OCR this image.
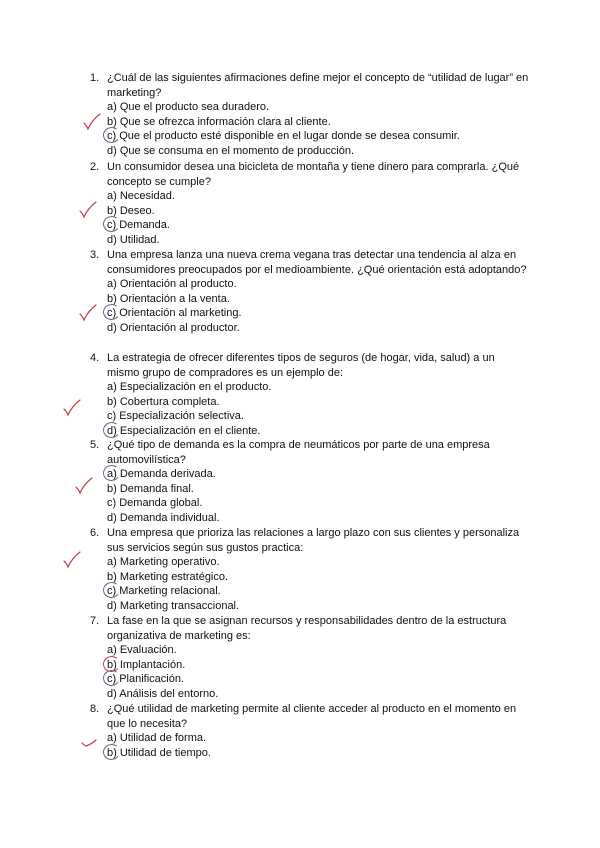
1. ¿Cuál de las siguientes afirmaciones define mejor el concepto de “utilidad de lugar” en marketing?
a) Que el producto sea duradero.
b) Que se ofrezca información clara al cliente.
c) Que el producto esté disponible en el lugar donde se desea consumir.
d) Que se consuma en el momento de producción.
2. Un consumidor desea una bicicleta de montaña y tiene dinero para comprarla. ¿Qué concepto se cumple?
a) Necesidad.
b) Deseo.
c) Demanda.
d) Utilidad.
3. Una empresa lanza una nueva crema vegana tras detectar una tendencia al alza en consumidores preocupados por el medioambiente. ¿Qué orientación está adoptando?
a) Orientación al producto.
b) Orientación a la venta.
c) Orientación al marketing.
d) Orientación al productor.
4. La estrategia de ofrecer diferentes tipos de seguros (de hogar, vida, salud) a un mismo grupo de compradores es un ejemplo de:
a) Especialización en el producto.
b) Cobertura completa.
c) Especialización selectiva.
d) Especialización en el cliente.
5. ¿Qué tipo de demanda es la compra de neumáticos por parte de una empresa automovilística?
a) Demanda derivada.
b) Demanda final.
c) Demanda global.
d) Demanda individual.
6. Una empresa que prioriza las relaciones a largo plazo con sus clientes y personaliza sus servicios según sus gustos practica:
a) Marketing operativo.
b) Marketing estratégico.
c) Marketing relacional.
d) Marketing transaccional.
7. La fase en la que se asignan recursos y responsabilidades dentro de la estructura organizativa de marketing es:
a) Evaluación.
b) Implantación.
c) Planificación.
d) Análisis del entorno.
8. ¿Qué utilidad de marketing permite al cliente acceder al producto en el momento en que lo necesita?
a) Utilidad de forma.
b) Utilidad de tiempo.
